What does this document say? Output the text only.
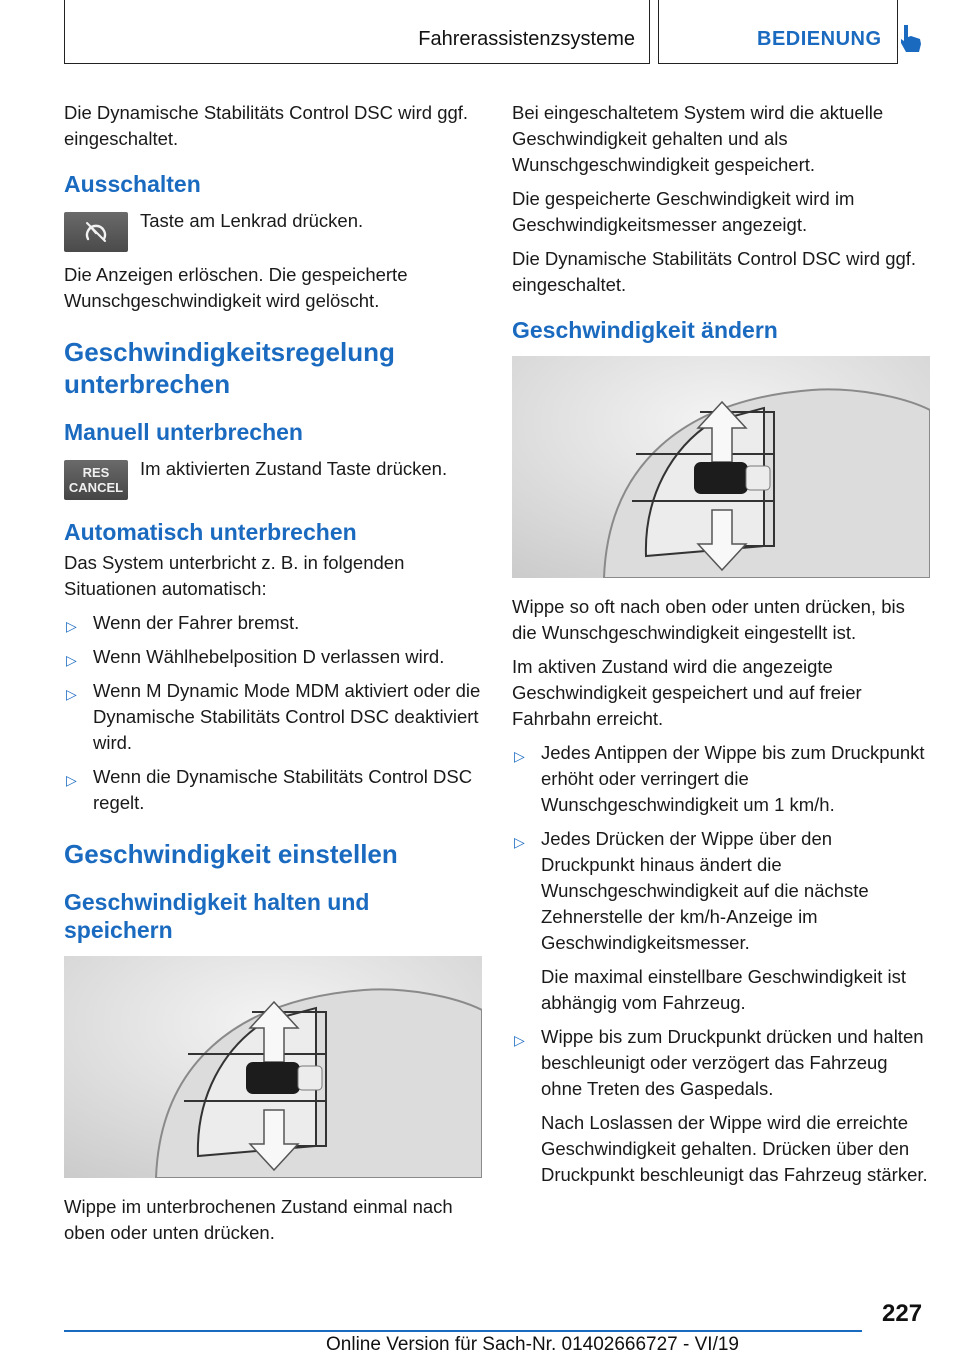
Fahrerassistenzsysteme	BEDIENUNG

Die Dynamische Stabilitäts Control DSC wird ggf. eingeschaltet.

Ausschalten
Taste am Lenkrad drücken.

Die Anzeigen erlöschen. Die gespeicherte Wunschgeschwindigkeit wird gelöscht.

Geschwindigkeitsregelung unterbrechen
Manuell unterbrechen
RES
CANCEL
Im aktivierten Zustand Taste drücken.
Automatisch unterbrechen

Das System unterbricht z. B. in folgenden Situationen automatisch:

▷ Wenn der Fahrer bremst.
▷ Wenn Wählhebelposition D verlassen wird.
▷ Wenn M Dynamic Mode MDM aktiviert oder die Dynamische Stabilitäts Control DSC deaktiviert wird.
▷ Wenn die Dynamische Stabilitäts Control DSC regelt.
Geschwindigkeit einstellen
Geschwindigkeit halten und speichern

Wippe im unterbrochenen Zustand einmal nach oben oder unten drücken.

Bei eingeschaltetem System wird die aktuelle Geschwindigkeit gehalten und als Wunschgeschwindigkeit gespeichert.

Die gespeicherte Geschwindigkeit wird im Geschwindigkeitsmesser angezeigt.

Die Dynamische Stabilitäts Control DSC wird ggf. eingeschaltet.

Geschwindigkeit ändern

Wippe so oft nach oben oder unten drücken, bis die Wunschgeschwindigkeit eingestellt ist.

Im aktiven Zustand wird die angezeigte Geschwindigkeit gespeichert und auf freier Fahrbahn erreicht.

▷ Jedes Antippen der Wippe bis zum Druckpunkt erhöht oder verringert die Wunschgeschwindigkeit um 1 km/h.
▷ Jedes Drücken der Wippe über den Druckpunkt hinaus ändert die Wunschgeschwindigkeit auf die nächste Zehnerstelle der km/h-Anzeige im Geschwindigkeitsmesser.
Die maximal einstellbare Geschwindigkeit ist abhängig vom Fahrzeug.
▷ Wippe bis zum Druckpunkt drücken und halten beschleunigt oder verzögert das Fahrzeug ohne Treten des Gaspedals.
Nach Loslassen der Wippe wird die erreichte Geschwindigkeit gehalten. Drücken über den Druckpunkt beschleunigt das Fahrzeug stärker.
227
Online Version für Sach-Nr. 01402666727 - VI/19
